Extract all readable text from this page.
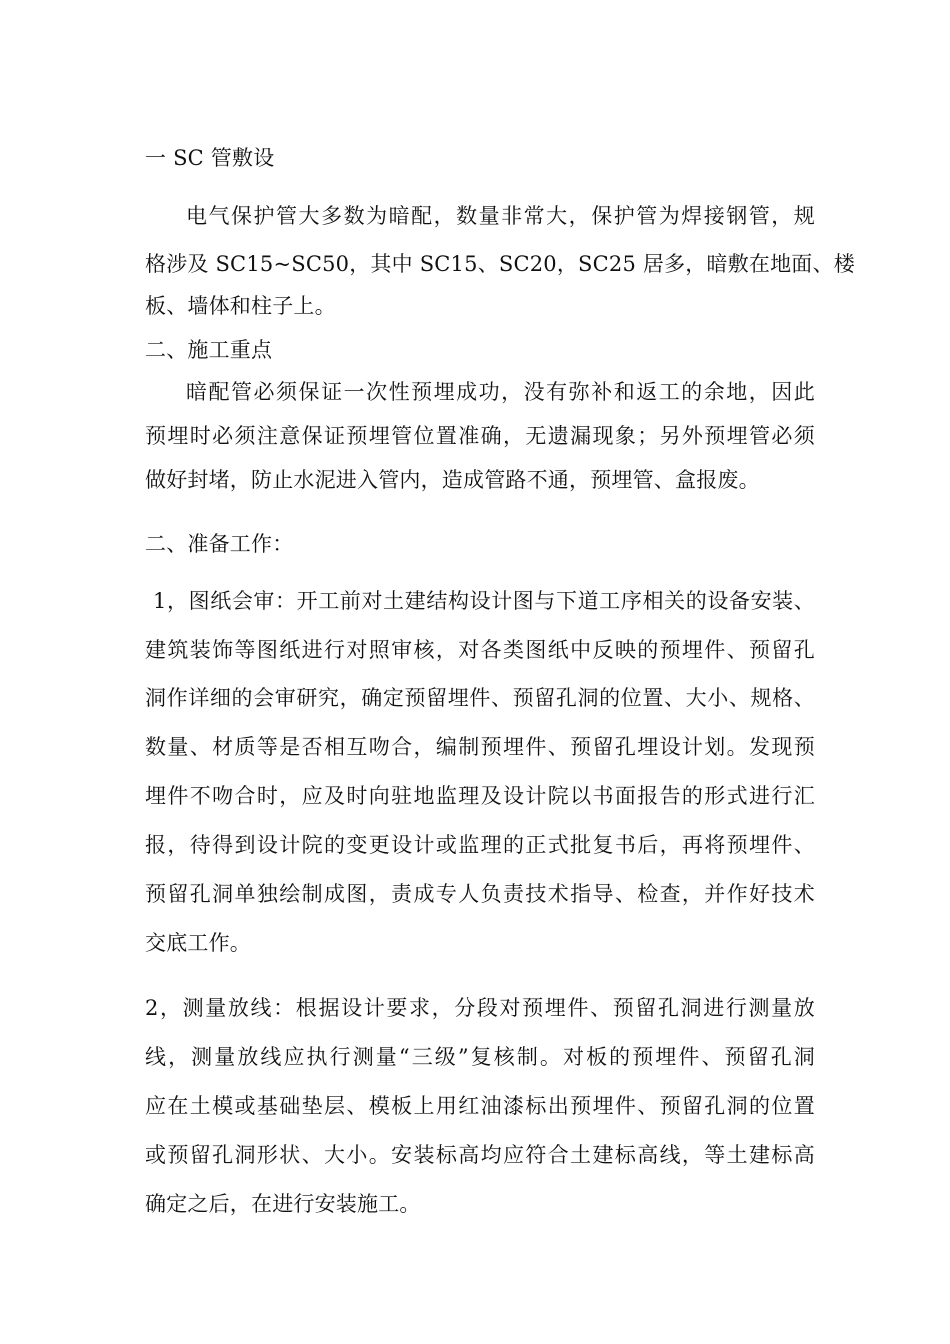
一 SC 管敷设
电气保护管大多数为暗配，数量非常大，保护管为焊接钢管，规
格涉及 SC15~SC50，其中 SC15、SC20，SC25 居多，暗敷在地面、楼
板、墙体和柱子上。
二、施工重点
暗配管必须保证一次性预埋成功，没有弥补和返工的余地，因此
预埋时必须注意保证预埋管位置准确，无遗漏现象；另外预埋管必须
做好封堵，防止水泥进入管内，造成管路不通，预埋管、盒报废。
二、准备工作：
1，图纸会审：开工前对土建结构设计图与下道工序相关的设备安装、
建筑装饰等图纸进行对照审核，对各类图纸中反映的预埋件、预留孔
洞作详细的会审研究，确定预留埋件、预留孔洞的位置、大小、规格、
数量、材质等是否相互吻合，编制预埋件、预留孔埋设计划。发现预
埋件不吻合时，应及时向驻地监理及设计院以书面报告的形式进行汇
报，待得到设计院的变更设计或监理的正式批复书后，再将预埋件、
预留孔洞单独绘制成图，责成专人负责技术指导、检查，并作好技术
交底工作。
2，测量放线：根据设计要求，分段对预埋件、预留孔洞进行测量放
线，测量放线应执行测量“三级”复核制。对板的预埋件、预留孔洞
应在土模或基础垫层、模板上用红油漆标出预埋件、预留孔洞的位置
或预留孔洞形状、大小。安装标高均应符合土建标高线，等土建标高
确定之后，在进行安装施工。
